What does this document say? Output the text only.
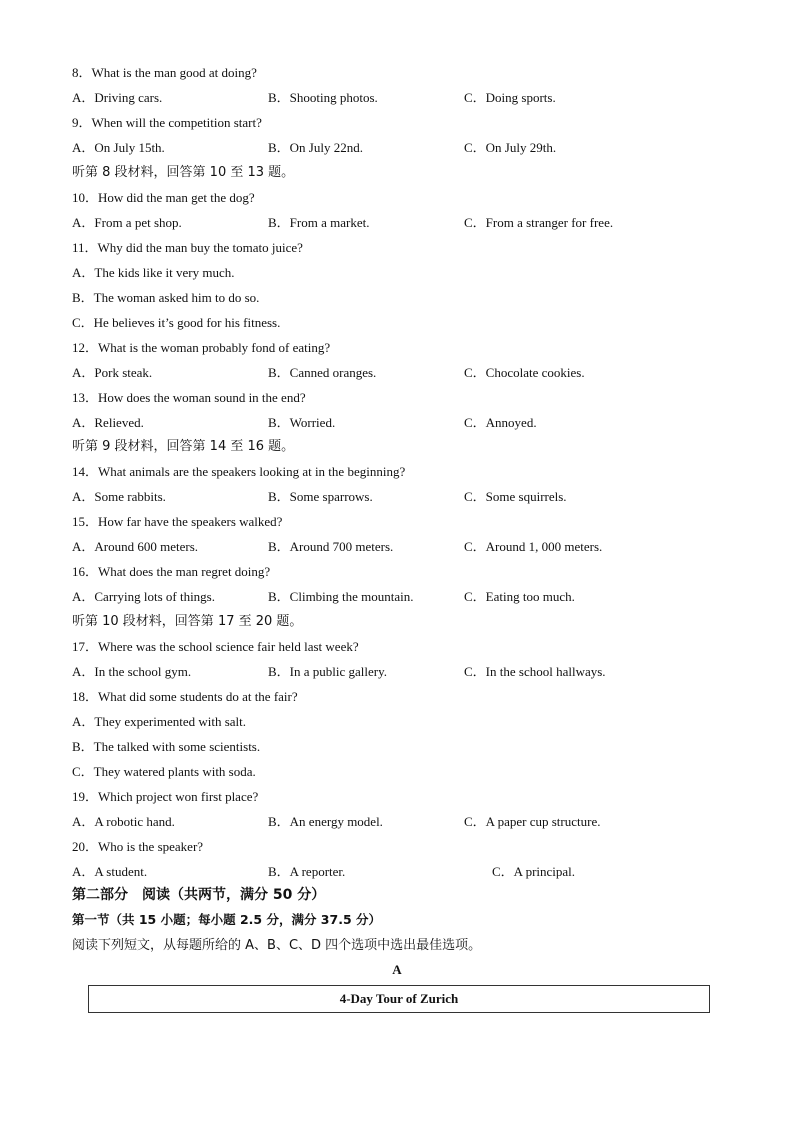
8．What is the man good at doing?
A．Driving cars.	B．Shooting photos.	C．Doing sports.
9．When will the competition start?
A．On July 15th.	B．On July 22nd.	C．On July 29th.
听第 8 段材料，回答第 10 至 13 题。
10．How did the man get the dog?
A．From a pet shop.	B．From a market.	C．From a stranger for free.
11．Why did the man buy the tomato juice?
A．The kids like it very much.
B．The woman asked him to do so.
C．He believes it’s good for his fitness.
12．What is the woman probably fond of eating?
A．Pork steak.	B．Canned oranges.	C．Chocolate cookies.
13．How does the woman sound in the end?
A．Relieved.	B．Worried.	C．Annoyed.
听第 9 段材料，回答第 14 至 16 题。
14．What animals are the speakers looking at in the beginning?
A．Some rabbits.	B．Some sparrows.	C．Some squirrels.
15．How far have the speakers walked?
A．Around 600 meters.	B．Around 700 meters.	C．Around 1, 000 meters.
16．What does the man regret doing?
A．Carrying lots of things.	B．Climbing the mountain.	C．Eating too much.
听第 10 段材料，回答第 17 至 20 题。
17．Where was the school science fair held last week?
A．In the school gym.	B．In a public gallery.	C．In the school hallways.
18．What did some students do at the fair?
A．They experimented with salt.
B．The talked with some scientists.
C．They watered plants with soda.
19．Which project won first place?
A．A robotic hand.	B．An energy model.	C．A paper cup structure.
20．Who is the speaker?
A．A student.	B．A reporter.	C．A principal.
第二部分　阅读（共两节，满分 50 分）
第一节（共 15 小题；每小题 2.5 分，满分 37.5 分）
阅读下列短文，从每题所给的 A、B、C、D 四个选项中选出最佳选项。
A
4-Day Tour of Zurich
